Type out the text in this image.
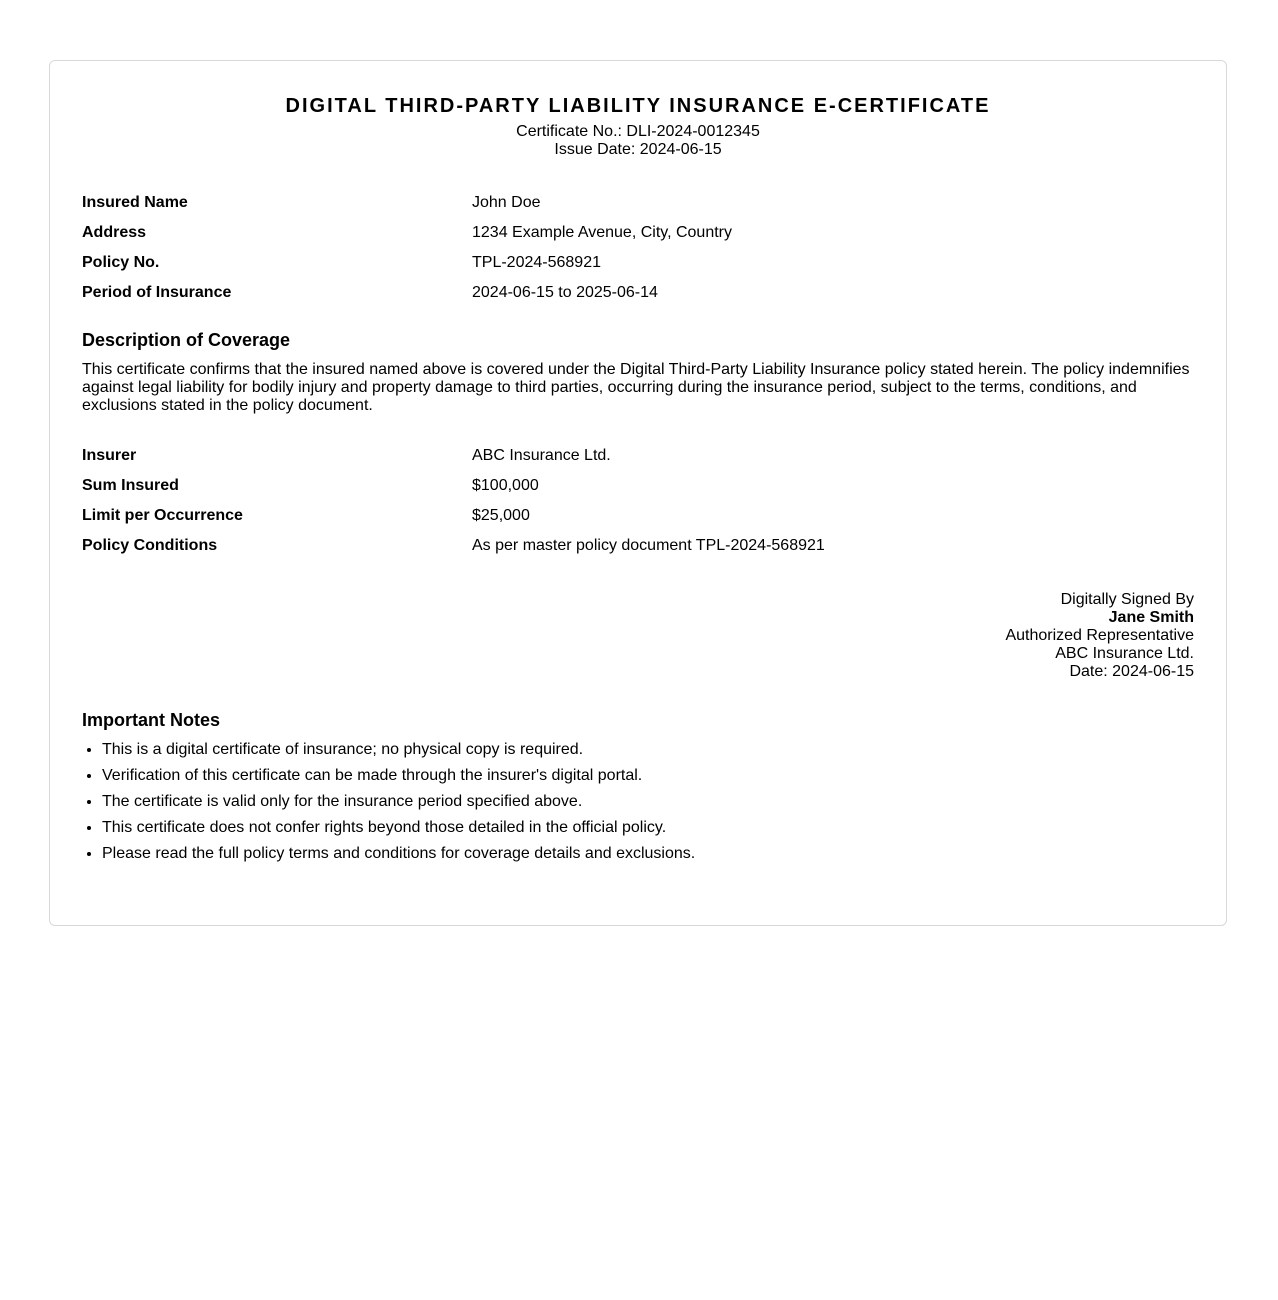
DIGITAL THIRD-PARTY LIABILITY INSURANCE E-CERTIFICATE
Certificate No.: DLI-2024-0012345
Issue Date: 2024-06-15
Insured Name	John Doe
Address	1234 Example Avenue, City, Country
Policy No.	TPL-2024-568921
Period of Insurance	2024-06-15 to 2025-06-14
Description of Coverage

This certificate confirms that the insured named above is covered under the Digital Third-Party Liability Insurance policy stated herein. The policy indemnifies against legal liability for bodily injury and property damage to third parties, occurring during the insurance period, subject to the terms, conditions, and exclusions stated in the policy document.

Insurer	ABC Insurance Ltd.
Sum Insured	$100,000
Limit per Occurrence	$25,000
Policy Conditions	As per master policy document TPL-2024-568921
Digitally Signed By
Jane Smith
Authorized Representative
ABC Insurance Ltd.
Date: 2024-06-15
Important Notes
• This is a digital certificate of insurance; no physical copy is required.
• Verification of this certificate can be made through the insurer's digital portal.
• The certificate is valid only for the insurance period specified above.
• This certificate does not confer rights beyond those detailed in the official policy.
• Please read the full policy terms and conditions for coverage details and exclusions.
